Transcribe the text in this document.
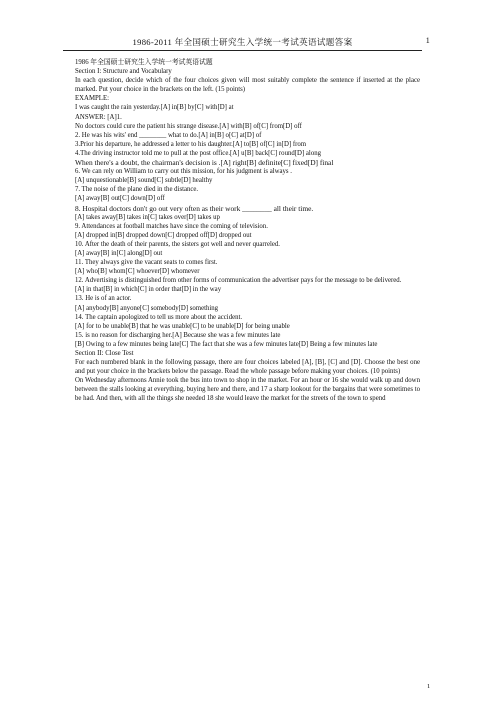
1986-2011 年全国硕士研究生入学统一考试英语试题答案	1

1986 年全国硕士研究生入学统一考试英语试题

Section I: Structure and Vocabulary

In each question, decide which of the four choices given will most suitably complete the sentence if inserted at the place marked. Put your choice in the brackets on the left. (15 points)

EXAMPLE:

I was caught the rain yesterday.[A] in[B] by[C] with[D] at

ANSWER: [A]1.

No doctors could cure the patient his strange disease.[A] with[B] of[C] from[D] off

2. He was his wits' end ________ what to do.[A] in[B] o[C] at[D] of

3.Prior his departure, he addressed a letter to his daughter.[A] to[B] of[C] in[D] from

4.The driving instructor told me to pull at the post office.[A] u[B] back[C] round[D] along

When there's a doubt, the chairman's decision is .[A] right[B] definite[C] fixed[D] final

6. We can rely on William to carry out this mission, for his judgment is always .

[A] unquestionable[B] sound[C] subtle[D] healthy

7. The noise of the plane died in the distance.

[A] away[B] out[C] down[D] off

8. Hospital doctors don't go out very often as their work ________ all their time.

[A] takes away[B] takes in[C] takes over[D] takes up

9. Attendances at football matches have since the coming of television.

[A] dropped in[B] dropped down[C] dropped off[D] dropped out

10. After the death of their parents, the sisters got well and never quarreled.

[A] away[B] in[C] along[D] out

11. They always give the vacant seats to comes first.

[A] who[B] whom[C] whoever[D] whomever

12. Advertising is distinguished from other forms of communication the advertiser pays for the message to be delivered.

[A] in that[B] in which[C] in order that[D] in the way

13. He is of an actor.

[A] anybody[B] anyone[C] somebody[D] something

14. The captain apologized to tell us more about the accident.

[A] for to be unable[B] that he was unable[C] to be unable[D] for being unable

15. is no reason for discharging her.[A] Because she was a few minutes late

[B] Owing to a few minutes being late[C] The fact that she was a few minutes late[D] Being a few minutes late

Section II: Close Test

For each numbered blank in the following passage, there are four choices labeled [A], [B], [C] and [D]. Choose the best one and put your choice in the brackets below the passage. Read the whole passage before making your choices. (10 points)

On Wednesday afternoons Annie took the bus into town to shop in the market. For an hour or 16 she would walk up and down between the stalls looking at everything, buying here and there, and 17 a sharp lookout for the bargains that were sometimes to be had. And then, with all the things she needed 18 she would leave the market for the streets of the town to spend

1
